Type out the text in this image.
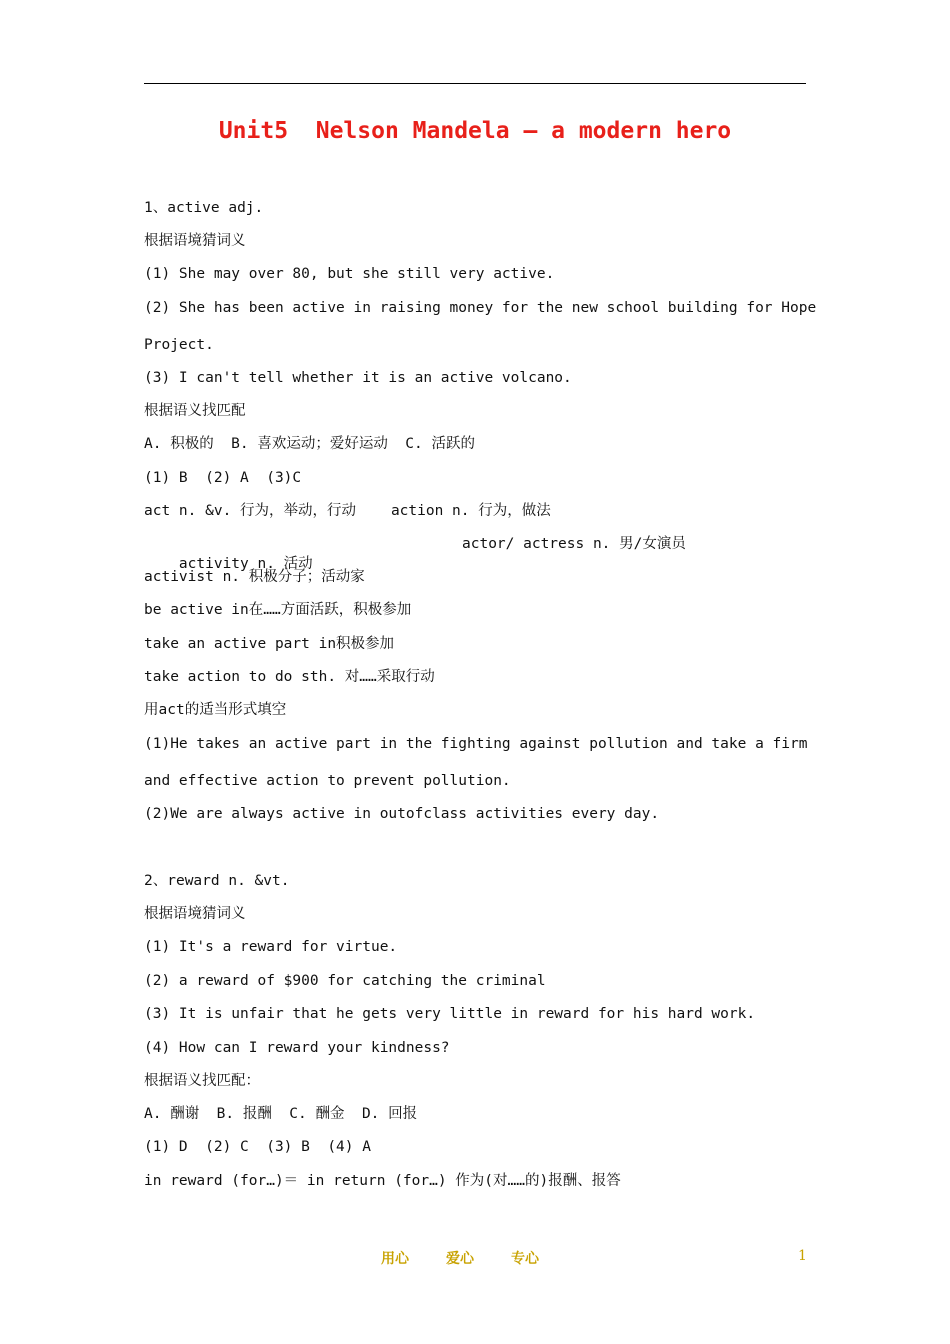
Unit5  Nelson Mandela — a modern hero
1、active adj.
根据语境猜词义
(1) She may over 80, but she still very active.
(2) She has been active in raising money for the new school building for Hope
Project.
(3) I can't tell whether it is an active volcano.
根据语义找匹配
A. 积极的  B. 喜欢运动；爱好运动  C. 活跃的
(1) B  (2) A  (3)C
act n. &v. 行为，举动，行动    action n. 行为，做法

activity n. 活动

actor/ actress n. 男/女演员
activist n. 积极分子；活动家
be active in在……方面活跃，积极参加
take an active part in积极参加
take action to do sth. 对……采取行动
用act的适当形式填空
(1)He takes an active part in the fighting against pollution and take a firm
and effective action to prevent pollution.
(2)We are always active in outofclass activities every day.
2、reward n. &vt.
根据语境猜词义
(1) It's a reward for virtue.
(2) a reward of $900 for catching the criminal
(3) It is unfair that he gets very little in reward for his hard work.
(4) How can I reward your kindness?
根据语义找匹配：
A. 酬谢  B. 报酬  C. 酬金  D. 回报
(1) D  (2) C  (3) B  (4) A
in reward (for…)＝ in return (for…) 作为(对……的)报酬、报答
用心	爱心	专心	1
